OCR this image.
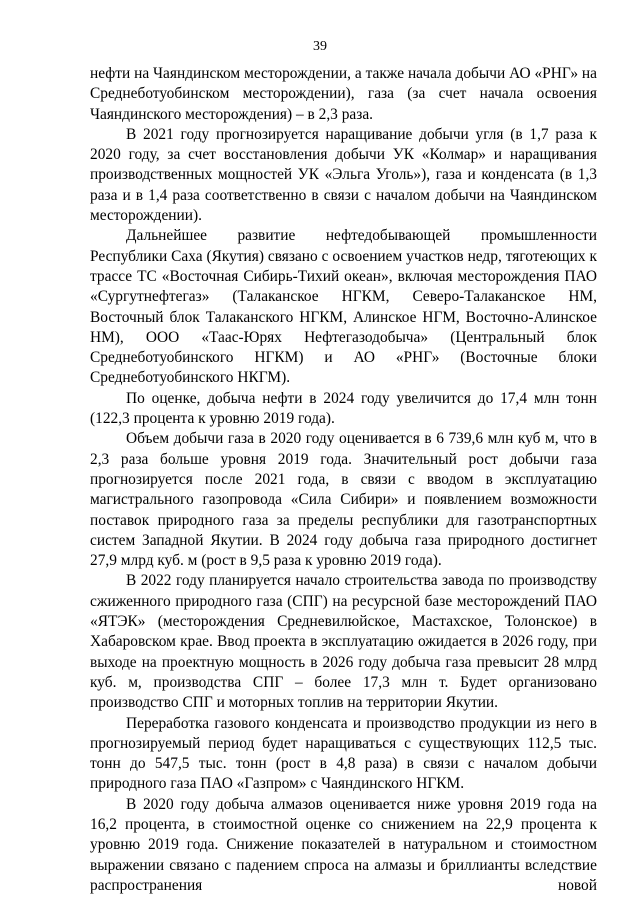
39

нефти на Чаяндинском месторождении, а также начала добычи АО «РНГ» на Среднеботуобинском месторождении), газа (за счет начала освоения Чаяндинского месторождения) – в 2,3 раза.

В 2021 году прогнозируется наращивание добычи угля (в 1,7 раза к 2020 году, за счет восстановления добычи УК «Колмар» и наращивания производственных мощностей УК «Эльга Уголь»), газа и конденсата (в 1,3 раза и в 1,4 раза соответственно в связи с началом добычи на Чаяндинском месторождении).

Дальнейшее развитие нефтедобывающей промышленности Республики Саха (Якутия) связано с освоением участков недр, тяготеющих к трассе ТС «Восточная Сибирь-Тихий океан», включая месторождения ПАО «Сургутнефтегаз» (Талаканское НГКМ, Северо-Талаканское НМ, Восточный блок Талаканского НГКМ, Алинское НГМ, Восточно-Алинское НМ), ООО «Таас-Юрях Нефтегазодобыча» (Центральный блок Среднеботуобинского НГКМ) и АО «РНГ» (Восточные блоки Среднеботуобинского НКГМ).

По оценке, добыча нефти в 2024 году увеличится до 17,4 млн тонн (122,3 процента к уровню 2019 года).

Объем добычи газа в 2020 году оценивается в 6 739,6 млн куб м, что в 2,3 раза больше уровня 2019 года. Значительный рост добычи газа прогнозируется после 2021 года, в связи с вводом в эксплуатацию магистрального газопровода «Сила Сибири» и появлением возможности поставок природного газа за пределы республики для газотранспортных систем Западной Якутии. В 2024 году добыча газа природного достигнет 27,9 млрд куб. м (рост в 9,5 раза к уровню 2019 года).

В 2022 году планируется начало строительства завода по производству сжиженного природного газа (СПГ) на ресурсной базе месторождений ПАО «ЯТЭК» (месторождения Средневилюйское, Мастахское, Толонское) в Хабаровском крае. Ввод проекта в эксплуатацию ожидается в 2026 году, при выходе на проектную мощность в 2026 году добыча газа превысит 28 млрд куб. м, производства СПГ – более 17,3 млн т. Будет организовано производство СПГ и моторных топлив на территории Якутии.

Переработка газового конденсата и производство продукции из него в прогнозируемый период будет наращиваться с существующих 112,5 тыс. тонн до 547,5 тыс. тонн (рост в 4,8 раза) в связи с началом добычи природного газа ПАО «Газпром» с Чаяндинского НГКМ.

В 2020 году добыча алмазов оценивается ниже уровня 2019 года на 16,2 процента, в стоимостной оценке со снижением на 22,9 процента к уровню 2019 года. Снижение показателей в натуральном и стоимостном выражении связано с падением спроса на алмазы и бриллианты вследствие распространения новой
